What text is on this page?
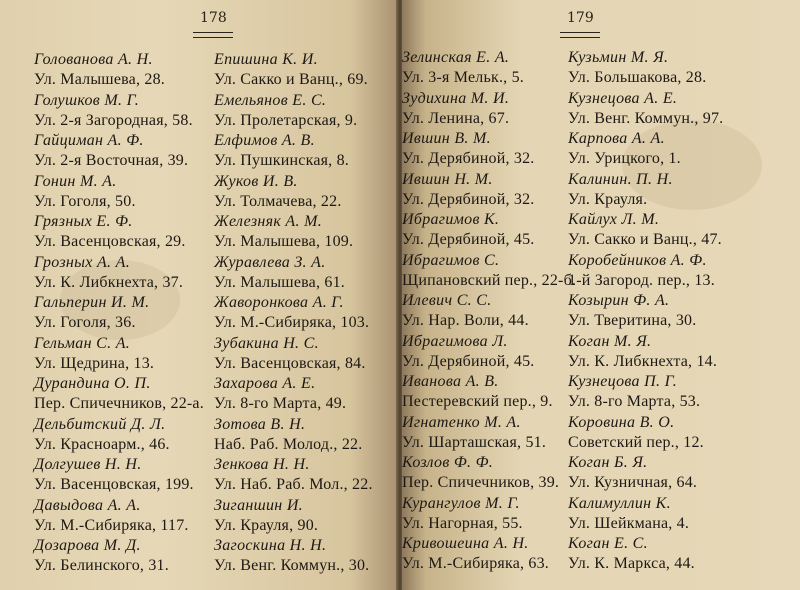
178
Голованова А. Н.
Ул. Малышева, 28.
Голушков М. Г.
Ул. 2-я Загородная, 58.
Гайциман А. Ф.
Ул. 2-я Восточная, 39.
Гонин М. А.
Ул. Гоголя, 50.
Грязных Е. Ф.
Ул. Васенцовская, 29.
Грозных А. А.
Ул. К. Либкнехта, 37.
Гальперин И. М.
Ул. Гоголя, 36.
Гельман С. А.
Ул. Щедрина, 13.
Дурандина О. П.
Пер. Спичечников, 22-а.
Дельбитский Д. Л.
Ул. Красноарм., 46.
Долгушев Н. Н.
Ул. Васенцовская, 199.
Давыдова А. А.
Ул. М.-Сибиряка, 117.
Дозарова М. Д.
Ул. Белинского, 31.
Епишина К. И.
Ул. Сакко и Ванц., 69.
Емельянов Е. С.
Ул. Пролетарская, 9.
Елфимов А. В.
Ул. Пушкинская, 8.
Жуков И. В.
Ул. Толмачева, 22.
Железняк А. М.
Ул. Малышева, 109.
Журавлева З. А.
Ул. Малышева, 61.
Жаворонкова А. Г.
Ул. М.-Сибиряка, 103.
Зубакина Н. С.
Ул. Васенцовская, 84.
Захарова А. Е.
Ул. 8-го Марта, 49.
Зотова В. Н.
Наб. Раб. Молод., 22.
Зенкова Н. Н.
Ул. Наб. Раб. Мол., 22.
Зиганшин И.
Ул. Крауля, 90.
Загоскина Н. Н.
Ул. Венг. Коммун., 30.
179
Зелинская Е. А.
Ул. 3-я Мельк., 5.
Зудихина М. И.
Ул. Ленина, 67.
Ившин В. М.
Ул. Дерябиной, 32.
Ившин Н. М.
Ул. Дерябиной, 32.
Ибрагимов К.
Ул. Дерябиной, 45.
Ибрагимов С.
Щипановский пер., 22-б.
Илевич С. С.
Ул. Нар. Воли, 44.
Ибрагимова Л.
Ул. Дерябиной, 45.
Иванова А. В.
Пестеревский пер., 9.
Игнатенко М. А.
Ул. Шарташская, 51.
Козлов Ф. Ф.
Пер. Спичечников, 39.
Курангулов М. Г.
Ул. Нагорная, 55.
Кривошеина А. Н.
Ул. М.-Сибиряка, 63.
Кузьмин М. Я.
Ул. Большакова, 28.
Кузнецова А. Е.
Ул. Венг. Коммун., 97.
Карпова А. А.
Ул. Урицкого, 1.
Калинин. П. Н.
Ул. Крауля.
Кайлух Л. М.
Ул. Сакко и Ванц., 47.
Коробейников А. Ф.
1-й Загород. пер., 13.
Козырин Ф. А.
Ул. Тверитина, 30.
Коган М. Я.
Ул. К. Либкнехта, 14.
Кузнецова П. Г.
Ул. 8-го Марта, 53.
Коровина В. О.
Советский пер., 12.
Коган Б. Я.
Ул. Кузничная, 64.
Калимуллин К.
Ул. Шейкмана, 4.
Коган Е. С.
Ул. К. Маркса, 44.
